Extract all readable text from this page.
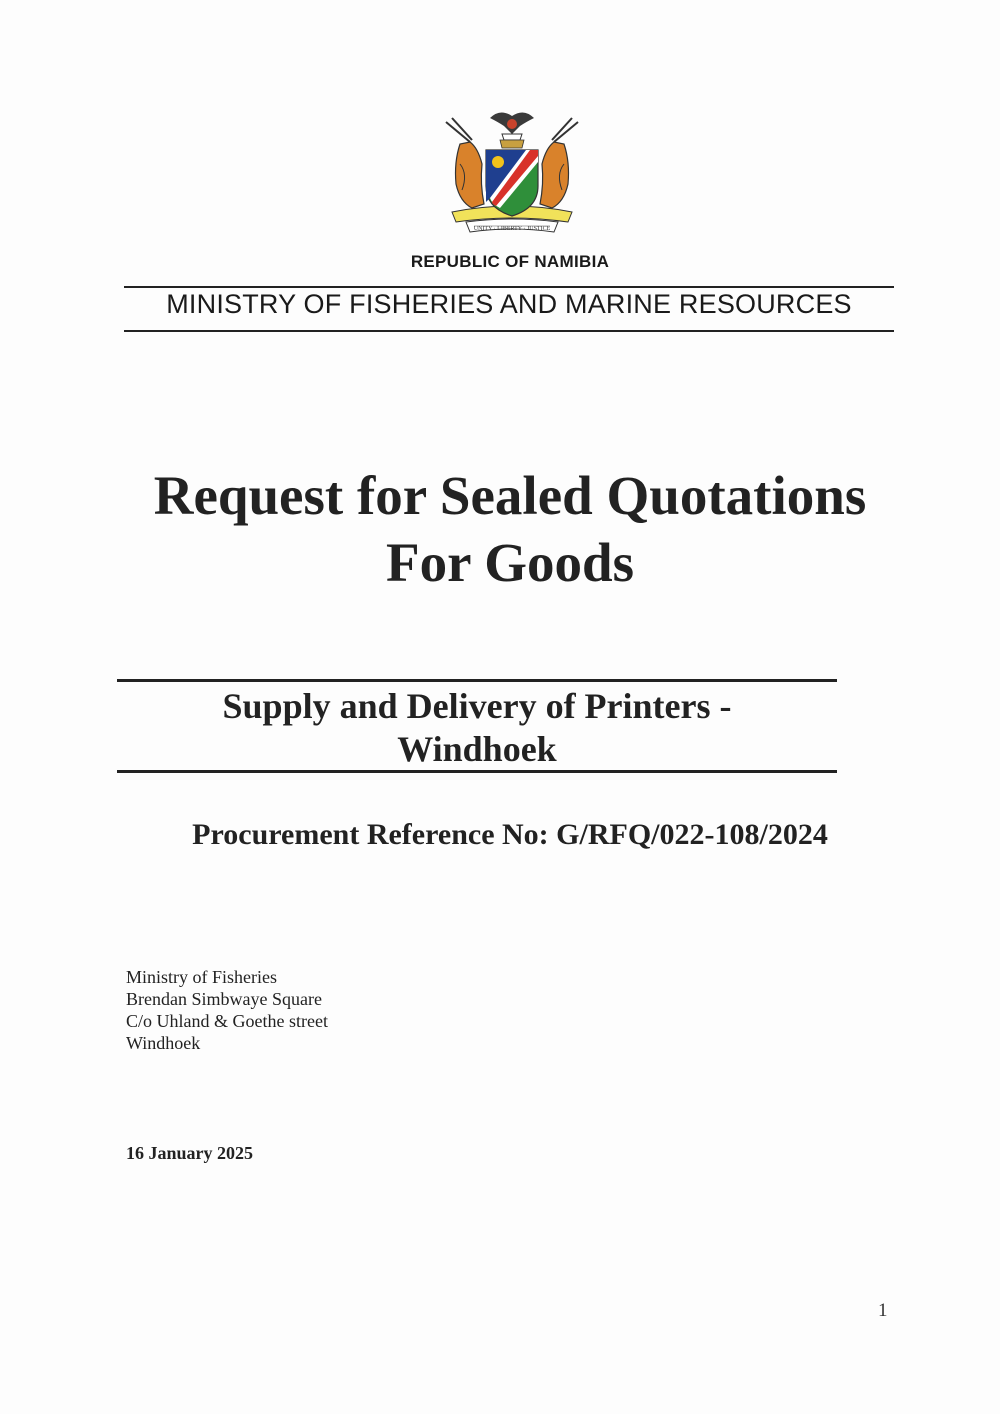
UNITY · LIBERTY · JUSTICE
REPUBLIC OF NAMIBIA
MINISTRY OF FISHERIES AND MARINE RESOURCES
Request for Sealed Quotations
For Goods
Supply and Delivery of Printers -
Windhoek
Procurement Reference No: G/RFQ/022-108/2024
Ministry of Fisheries
Brendan Simbwaye Square
C/o Uhland & Goethe street
Windhoek
16 January 2025
1
